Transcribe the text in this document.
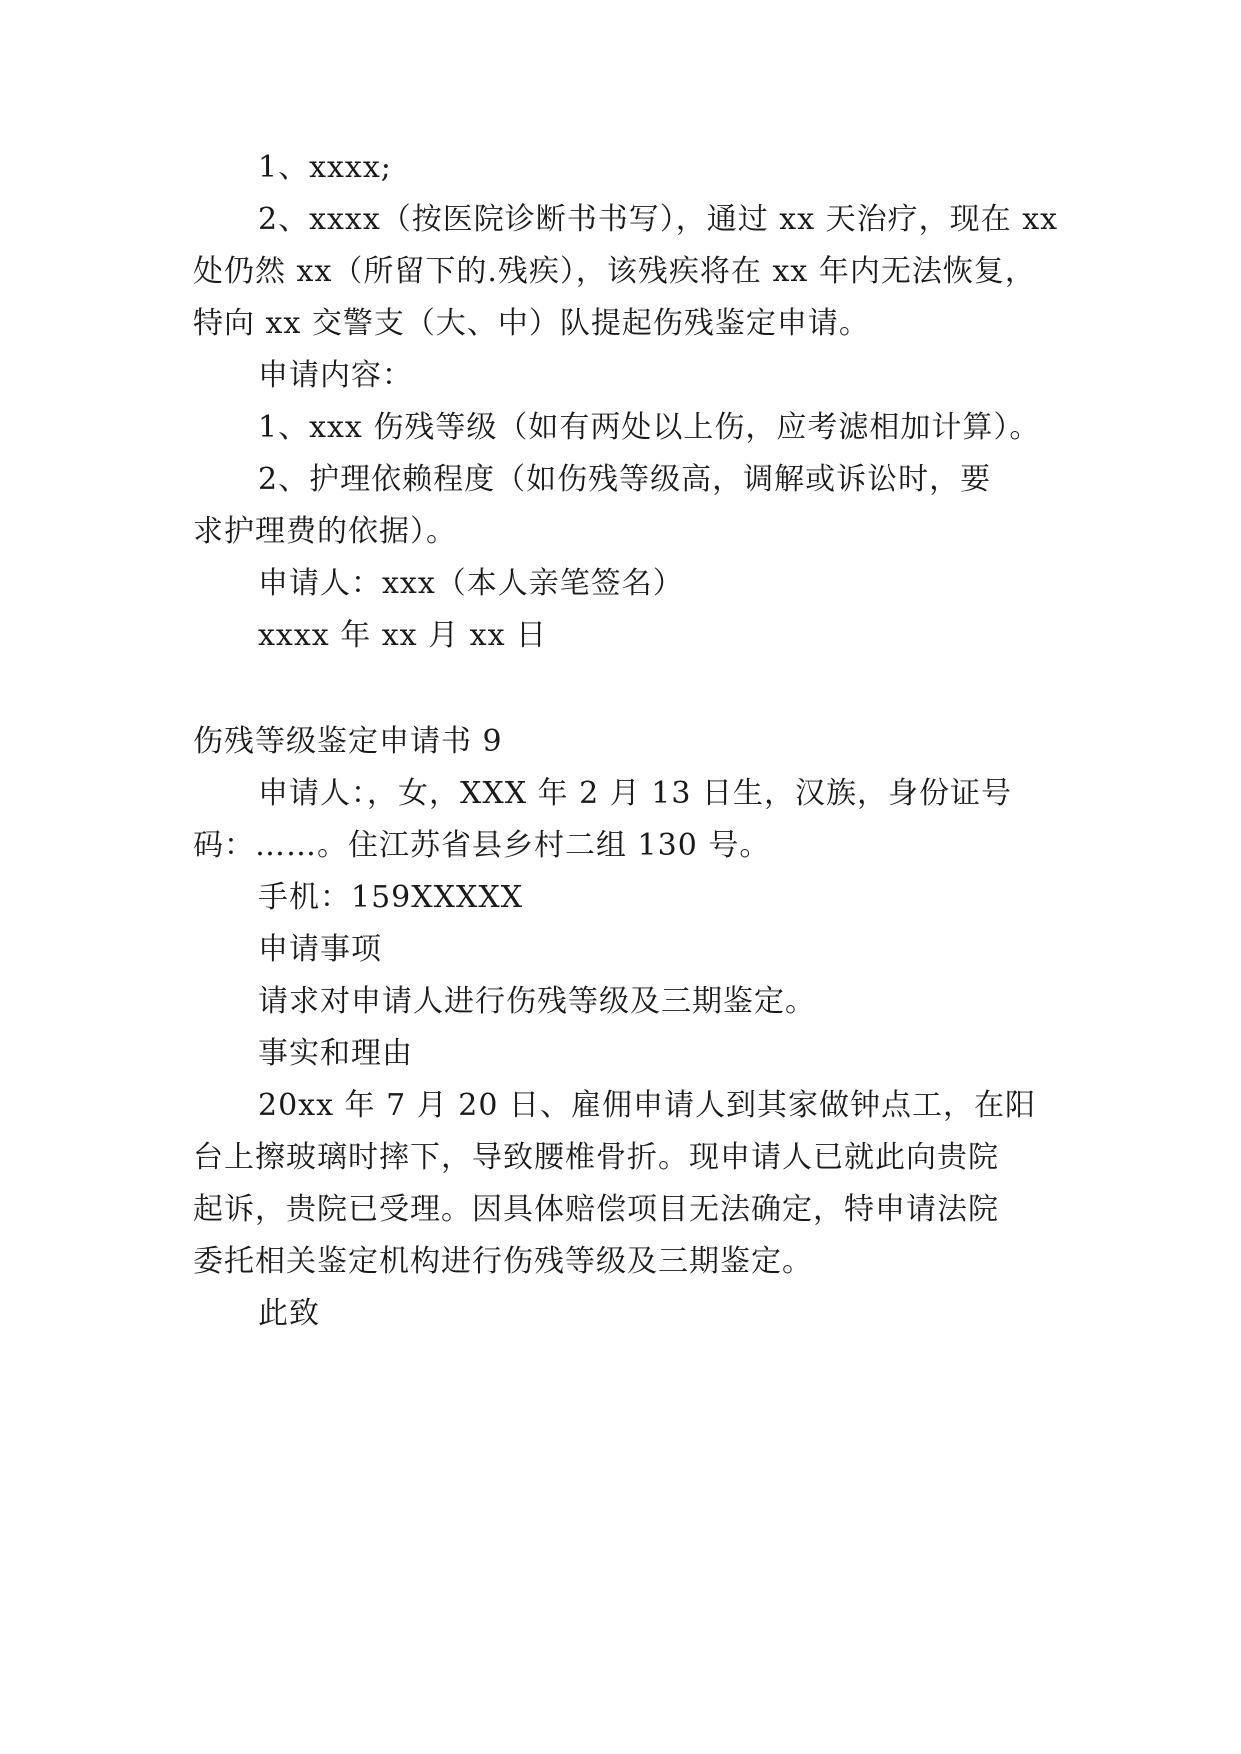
1、xxxx;
2、xxxx（按医院诊断书书写），通过 xx 天治疗，现在 xx
处仍然 xx（所留下的.残疾），该残疾将在 xx 年内无法恢复，
特向 xx 交警支（大、中）队提起伤残鉴定申请。
申请内容：
1、xxx 伤残等级（如有两处以上伤，应考滤相加计算）。
2、护理依赖程度（如伤残等级高，调解或诉讼时，要
求护理费的依据）。
申请人：xxx（本人亲笔签名）
xxxx 年 xx 月 xx 日
伤残等级鉴定申请书 9
申请人：，女，XXX 年 2 月 13 日生，汉族，身份证号
码：……。住江苏省县乡村二组 130 号。
手机：159XXXXX
申请事项
请求对申请人进行伤残等级及三期鉴定。
事实和理由
20xx 年 7 月 20 日、雇佣申请人到其家做钟点工，在阳
台上擦玻璃时摔下，导致腰椎骨折。现申请人已就此向贵院
起诉，贵院已受理。因具体赔偿项目无法确定，特申请法院
委托相关鉴定机构进行伤残等级及三期鉴定。
此致
